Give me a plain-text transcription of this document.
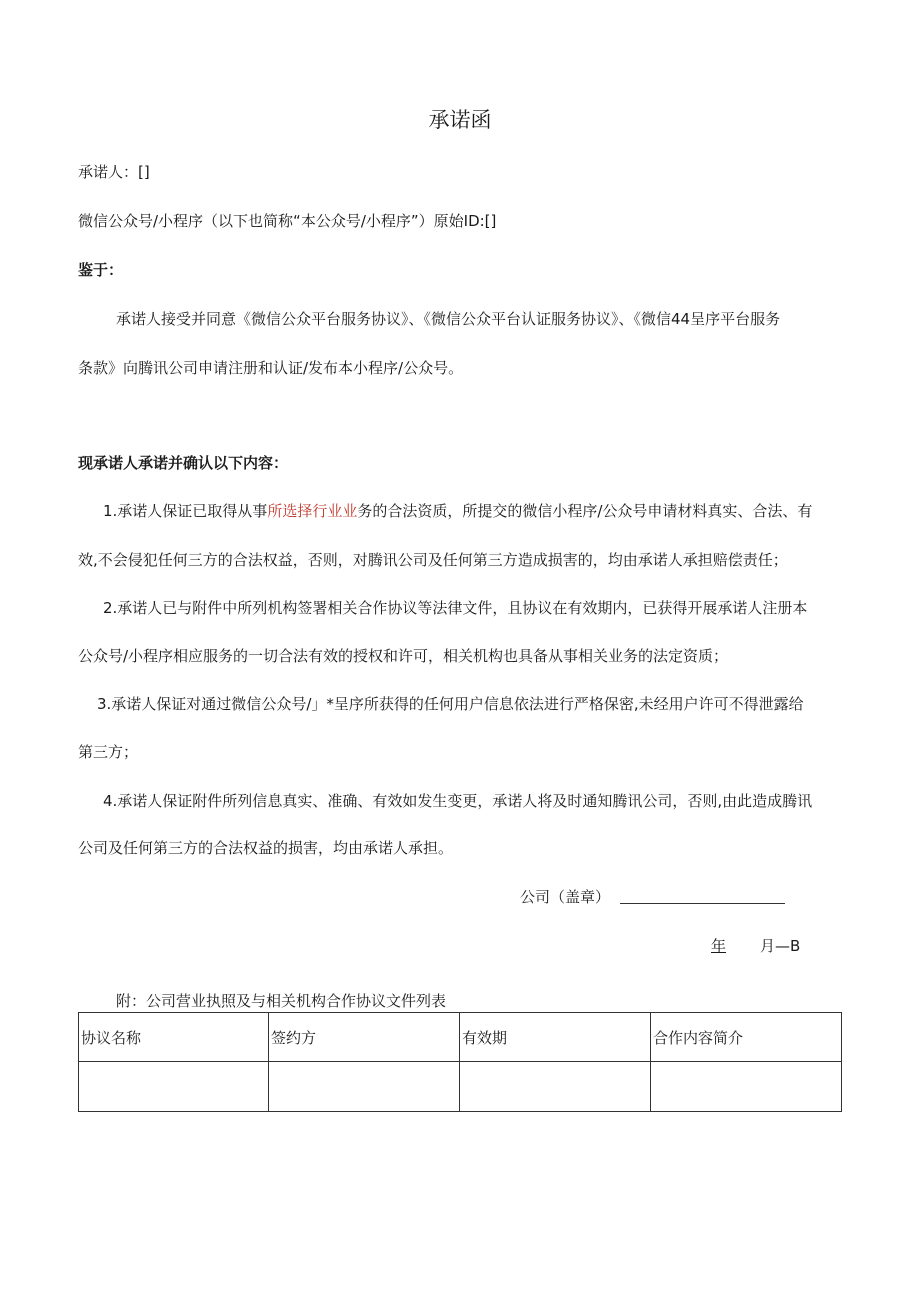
承诺函
承诺人：[]
微信公众号/小程序（以下也简称“本公众号/小程序”）原始ID:[]
鉴于：
承诺人接受并同意《微信公众平台服务协议》、《微信公众平台认证服务协议》、《微信44呈序平台服务
条款》向腾讯公司申请注册和认证/发布本小程序/公众号。
现承诺人承诺并确认以下内容：
1.承诺人保证已取得从事所选择行业业务的合法资质，所提交的微信小程序/公众号申请材料真实、合法、有
效,不会侵犯任何三方的合法权益，否则，对腾讯公司及任何第三方造成损害的，均由承诺人承担赔偿责任；
2.承诺人已与附件中所列机构签署相关合作协议等法律文件，且协议在有效期内，已获得开展承诺人注册本
公众号/小程序相应服务的一切合法有效的授权和许可，相关机构也具备从事相关业务的法定资质；
3.承诺人保证对通过微信公众号/」*呈序所获得的任何用户信息依法进行严格保密,未经用户许可不得泄露给
第三方；
4.承诺人保证附件所列信息真实、准确、有效如发生变更，承诺人将及时通知腾讯公司，否则,由此造成腾讯
公司及任何第三方的合法权益的损害，均由承诺人承担。
公司（盖章）
年 月—B
附：公司营业执照及与相关机构合作协议文件列表
协议名称	签约方	有效期	合作内容简介
